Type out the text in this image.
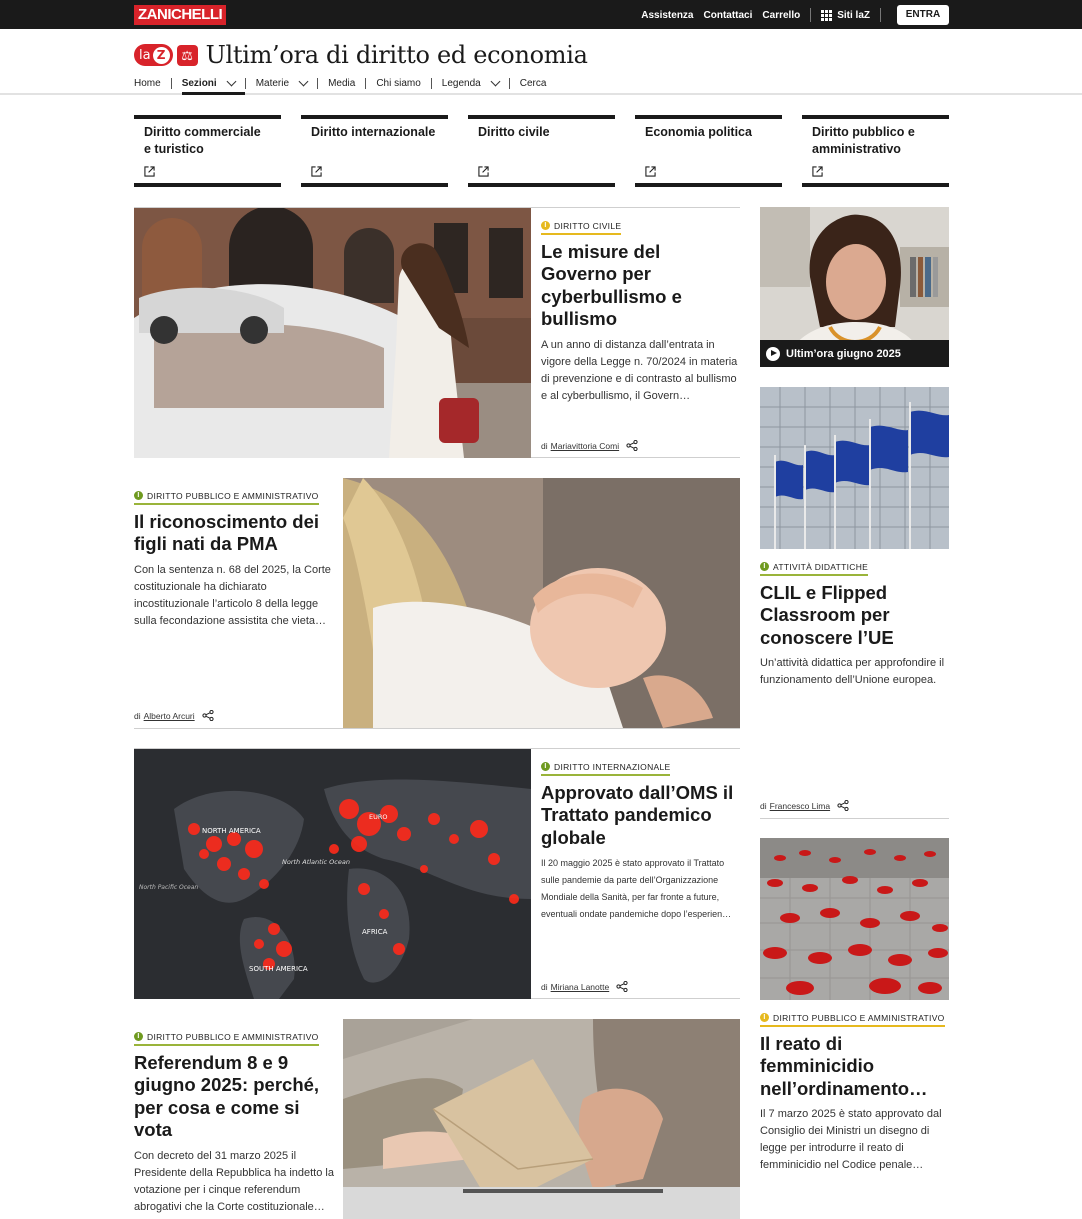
ZANICHELLI	Assistenza Contattaci Carrello	Siti laZ	ENTRA
la Z	⚖ Ultim’ora di diritto ed economia
Home Sezioni	Materie	Media Chi siamo Legenda	Cerca
Diritto commerciale e turistico
Diritto internazionale	Diritto civile	Economia politica	Diritto pubblico e amministrativo
I DIRITTO CIVILE
Le misure del Governo per cyberbullismo e bullismo
A un anno di distanza dall’entrata in vigore della Legge n. 70/2024 in materia di prevenzione e di contrasto al bullismo e al cyberbullismo, il Govern…
di Mariavittoria Comi
I DIRITTO PUBBLICO E AMMINISTRATIVO
Il riconoscimento dei figli nati da PMA
Con la sentenza n. 68 del 2025, la Corte costituzionale ha dichiarato incostituzionale l’articolo 8 della legge sulla fecondazione assistita che vieta…
di Alberto Arcuri
NORTH AMERICA
North Atlantic Ocean
SOUTH AMERICA
AFRICA
North Pacific Ocean
EURO
I DIRITTO INTERNAZIONALE
Approvato dall’OMS il Trattato pandemico globale
Il 20 maggio 2025 è stato approvato il Trattato sulle pandemie da parte dell’Organizzazione Mondiale della Sanità, per far fronte a future, eventuali ondate pandemiche dopo l’esperien…
di Miriana Lanotte
I DIRITTO PUBBLICO E AMMINISTRATIVO
Referendum 8 e 9 giugno 2025: perché, per cosa e come si vota
Con decreto del 31 marzo 2025 il Presidente della Repubblica ha indetto la votazione per i cinque referendum abrogativi che la Corte costituzionale…
Ultim’ora giugno 2025
I ATTIVITÀ DIDATTICHE
CLIL e Flipped Classroom per conoscere l’UE
Un’attività didattica per approfondire il funzionamento dell’Unione europea.
di Francesco Lima
I DIRITTO PUBBLICO E AMMINISTRATIVO
Il reato di femminicidio nell’ordinamento…
Il 7 marzo 2025 è stato approvato dal Consiglio dei Ministri un disegno di legge per introdurre il reato di femminicidio nel Codice penale…
